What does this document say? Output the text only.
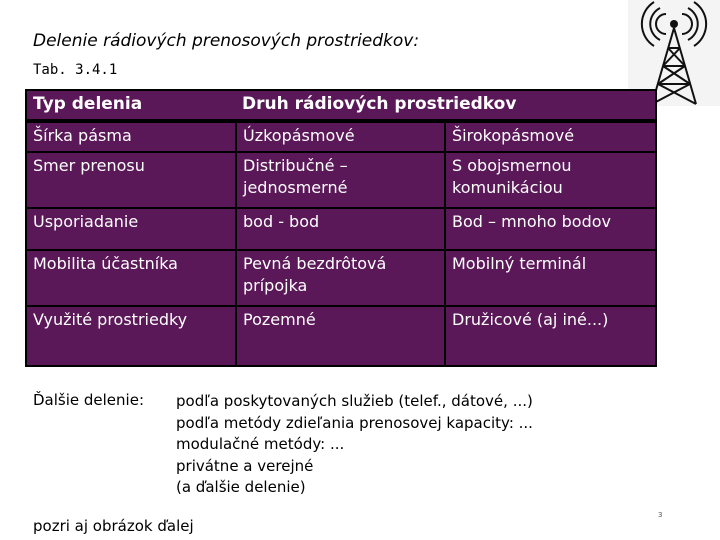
Delenie rádiových prenosových prostriedkov:
Tab. 3.4.1
Typ delenia	Druh rádiových prostriedkov	
Šírka pásma	Úzkopásmové	Širokopásmové
Smer prenosu	Distribučné – jednosmerné	S obojsmernou komunikáciou
Usporiadanie	bod - bod	Bod – mnoho bodov
Mobilita účastníka	Pevná bezdrôtová prípojka	Mobilný terminál
Využité prostriedky	Pozemné	Družicové (aj iné...)
Ďalšie delenie: podľa poskytovaných služieb (telef., dátové, ...)
podľa metódy zdieľania prenosovej kapacity: ...
modulačné metódy: ...
privátne a verejné
(a ďalšie delenie)
pozri aj obrázok ďalej
3
